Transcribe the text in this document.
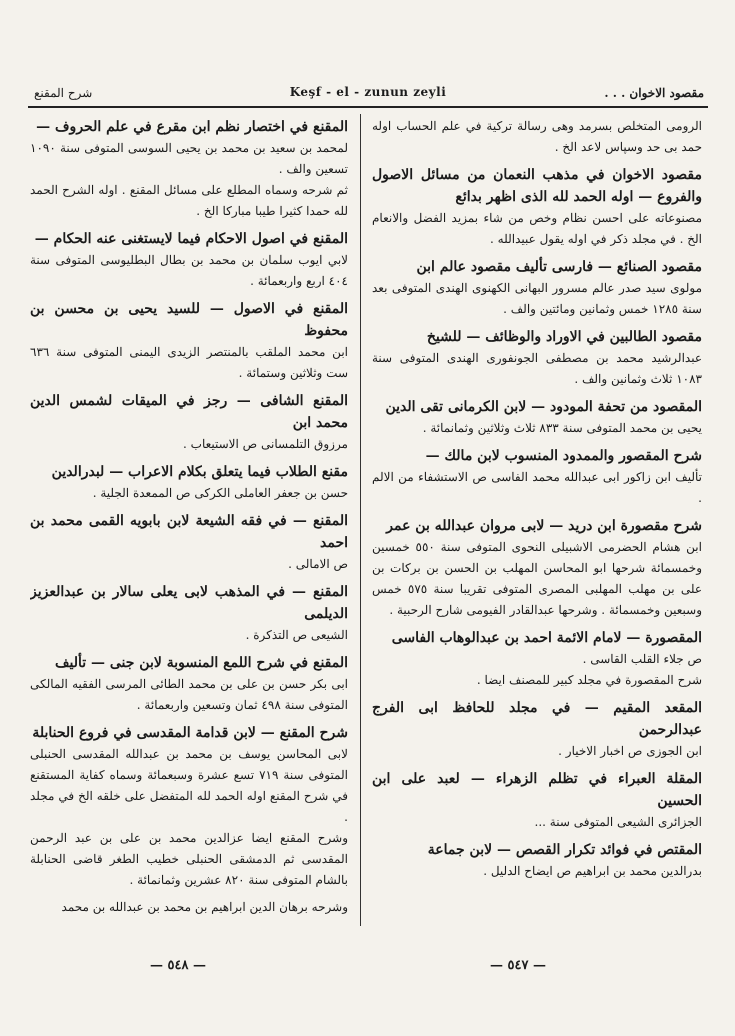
شرح المقنع	Keşf - el - zunun zeyli	مقصود الاخوان . . .
المقنع في اختصار نظم ابن مقرع في علم الحروف —
لمحمد بن سعيد بن محمد بن يحيى السوسى المتوفى سنة ١٠٩٠ تسعين والف .
ثم شرحه وسماه المطلع على مسائل المقنع . اوله الشرح الحمد لله حمدا كثيرا طيبا مباركا الخ .
المقنع في اصول الاحكام فيما لايستغنى عنه الحكام —
لابي ايوب سلمان بن محمد بن بطال البطليوسى المتوفى سنة ٤٠٤ اربع واربعمائة .
المقنع في الاصول — للسيد يحيى بن محسن بن محفوظ
ابن محمد الملقب بالمنتصر الزيدى اليمنى المتوفى سنة ٦٣٦ ست وثلاثين وستمائة .
المقنع الشافى — رجز في الميقات لشمس الدين محمد ابن
مرزوق التلمسانى ص الاستيعاب .
مقنع الطلاب فيما يتعلق بكلام الاعراب — لبدرالدين
حسن بن جعفر العاملى الكركى ص الممعدة الجلية .
المقنع — في فقه الشيعة لابن بابويه القمى محمد بن احمد
ص الامالى .
المقنع — في المذهب لابى يعلى سالار بن عبدالعزيز الديلمى
الشيعى ص التذكرة .
المقنع في شرح اللمع المنسوبة لابن جنى — تأليف
ابى بكر حسن بن على بن محمد الطائى المرسى الفقيه المالكى المتوفى سنة ٤٩٨ ثمان وتسعين واربعمائة .
شرح المقنع — لابن قدامة المقدسى في فروع الحنابلة
لابى المحاسن يوسف بن محمد بن عبدالله المقدسى الحنبلى المتوفى سنة ٧١٩ تسع عشرة وسبعمائة وسماه كفاية المستقنع في شرح المقنع اوله الحمد لله المتفضل على خلقه الخ في مجلد .
وشرح المقنع ايضا عزالدين محمد بن على بن عبد الرحمن المقدسى ثم الدمشقى الحنبلى خطيب الطغر قاضى الحنابلة بالشام المتوفى سنة ٨٢٠ عشرين وثمانمائة .
وشرحه برهان الدين ابراهيم بن محمد بن عبدالله بن محمد
الرومى المتخلص بسرمد وهى رسالة تركية في علم الحساب اوله حمد بى حد وسپاس لاعد الخ .
مقصود الاخوان في مذهب النعمان من مسائل الاصول والفروع — اوله الحمد لله الذى اظهر بدائع
مصنوعاته على احسن نظام وخص من شاء بمزيد الفضل والانعام الخ . في مجلد ذكر في اوله يقول عبيدالله .
مقصود الصنائع — فارسى تأليف مقصود عالم ابن
مولوى سيد صدر عالم مسرور البهانى الكهنوى الهندى المتوفى بعد سنة ١٢٨٥ خمس وثمانين ومائتين والف .
مقصود الطالبين في الاوراد والوظائف — للشيخ
عبدالرشيد محمد بن مصطفى الجونفورى الهندى المتوفى سنة ١٠٨٣ ثلاث وثمانين والف .
المقصود من تحفة المودود — لابن الكرمانى تقى الدين
يحيى بن محمد المتوفى سنة ٨٣٣ ثلاث وثلاثين وثمانمائة .
شرح المقصور والممدود المنسوب لابن مالك —
تأليف ابن زاكور ابى عبدالله محمد الفاسى ص الاستشفاء من الالم .
شرح مقصورة ابن دريد — لابى مروان عبدالله بن عمر
ابن هشام الحضرمى الاشبيلى النحوى المتوفى سنة ٥٥٠ خمسين وخمسمائة شرحها ابو المحاسن المهلب بن الحسن بن بركات بن على بن مهلب المهلبى المصرى المتوفى تقريبا سنة ٥٧٥ خمس وسبعين وخمسمائة . وشرحها عبدالقادر الفيومى شارح الرحبية .
المقصورة — لامام الائمة احمد بن عبدالوهاب الفاسى
ص جلاء القلب القاسى .
شرح المقصورة في مجلد كبير للمصنف ايضا .
المقعد المقيم — في مجلد للحافظ ابى الفرج عبدالرحمن
ابن الجوزى ص اخبار الاخيار .
المقلة العبراء في تظلم الزهراء — لعبد على ابن الحسين
الجزائرى الشيعى المتوفى سنة ...
المقتص في فوائد تكرار القصص — لابن جماعة
بدرالدين محمد بن ابراهيم ص ايضاح الدليل .
— ٥٤٨ —	— ٥٤٧ —
